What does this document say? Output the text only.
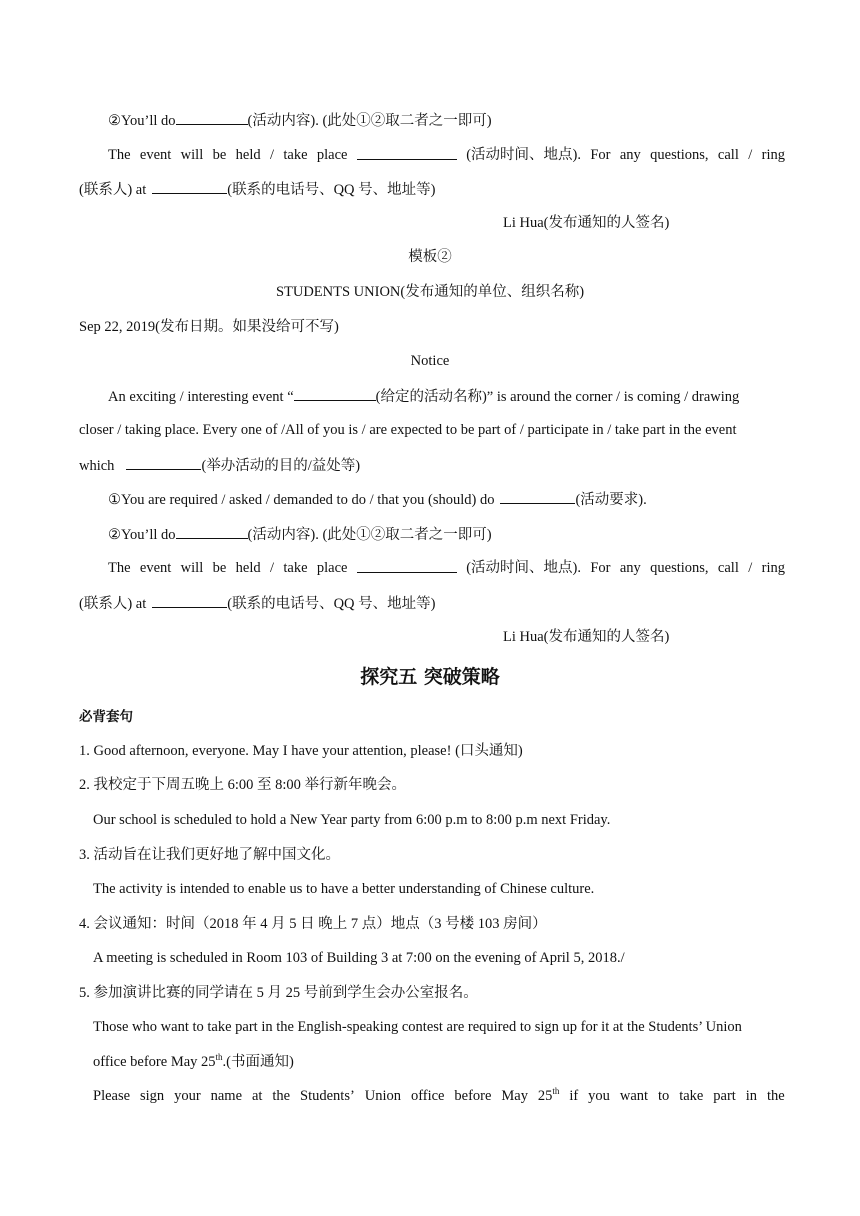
②You’ll do	(活动内容). (此处①②取二者之一即可)
The event will be held / take place	(活动时间、地点). For any questions, call / ring
(联系人) at	(联系的电话号、QQ 号、地址等)
Li Hua(发布通知的人签名)
模板②
STUDENTS UNION(发布通知的单位、组织名称)
Sep 22, 2019(发布日期。如果没给可不写)
Notice
An exciting / interesting event “	(给定的活动名称)” is around the corner / is coming / drawing
closer / taking place. Every one of /All of you is / are expected to be part of / participate in / take part in the event
which	(举办活动的目的/益处等)
①You are required / asked / demanded to do / that you (should) do	(活动要求).
②You’ll do	(活动内容). (此处①②取二者之一即可)
The event will be held / take place	(活动时间、地点). For any questions, call / ring
(联系人) at	(联系的电话号、QQ 号、地址等)
Li Hua(发布通知的人签名)
探究五 突破策略
必背套句
1. Good afternoon, everyone. May I have your attention, please! (口头通知)
2. 我校定于下周五晚上 6:00 至 8:00 举行新年晚会。
Our school is scheduled to hold a New Year party from 6:00 p.m to 8:00 p.m next Friday.
3. 活动旨在让我们更好地了解中国文化。
The activity is intended to enable us to have a better understanding of Chinese culture.
4. 会议通知：时间（2018 年 4 月 5 日 晚上 7 点）地点（3 号楼 103 房间）
A meeting is scheduled in Room 103 of Building 3 at 7:00 on the evening of April 5, 2018./
5. 参加演讲比赛的同学请在 5 月 25 号前到学生会办公室报名。
Those who want to take part in the English-speaking contest are required to sign up for it at the Students’ Union
office before May 25th.(书面通知)
Please sign your name at the Students’ Union office before May 25th if you want to take part in the
